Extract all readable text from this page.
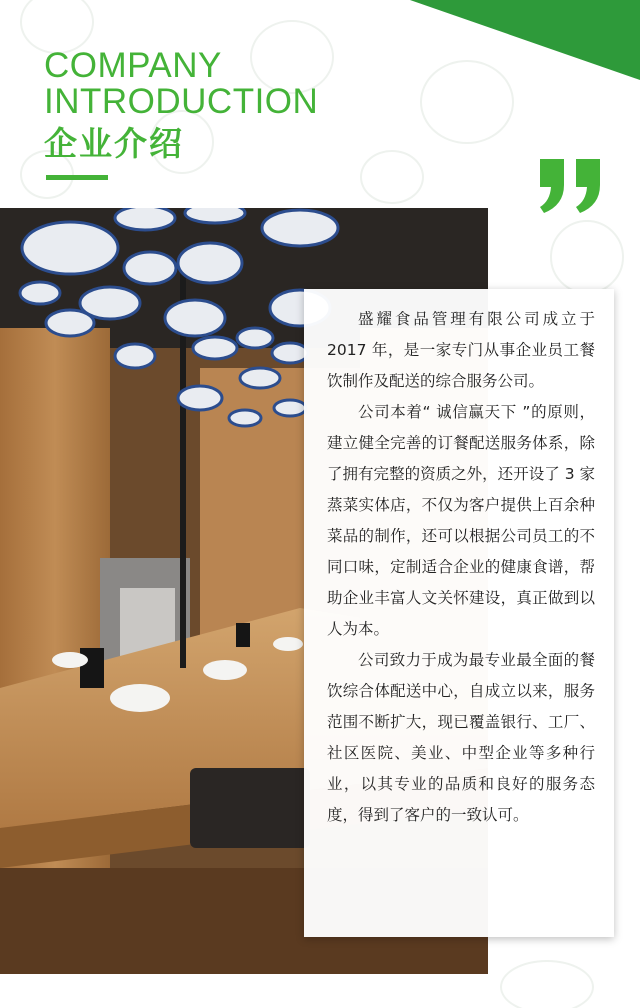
COMPANY
INTRODUCTION
企业介绍

盛耀食品管理有限公司成立于 2017 年，是一家专门从事企业员工餐饮制作及配送的综合服务公司。

公司本着“ 诚信赢天下 ”的原则，建立健全完善的订餐配送服务体系，除了拥有完整的资质之外，还开设了 3 家蒸菜实体店，不仅为客户提供上百余种菜品的制作，还可以根据公司员工的不同口味，定制适合企业的健康食谱，帮助企业丰富人文关怀建设，真正做到以人为本。

公司致力于成为最专业最全面的餐饮综合体配送中心，自成立以来，服务范围不断扩大，现已覆盖银行、工厂、社区医院、美业、中型企业等多种行业，以其专业的品质和良好的服务态度，得到了客户的一致认可。
